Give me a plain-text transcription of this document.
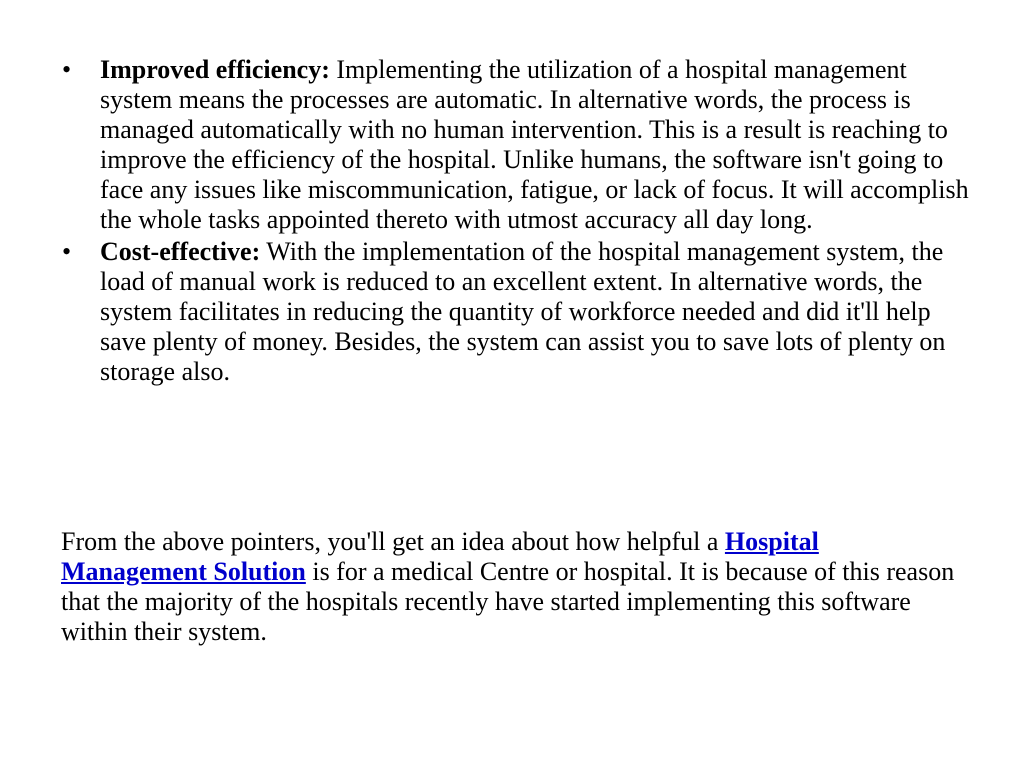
• Improved efficiency: Implementing the utilization of a hospital management system means the processes are automatic. In alternative words, the process is managed automatically with no human intervention. This is a result is reaching to improve the efficiency of the hospital. Unlike humans, the software isn't going to face any issues like miscommunication, fatigue, or lack of focus. It will accomplish the whole tasks appointed thereto with utmost accuracy all day long.
• Cost-effective: With the implementation of the hospital management system, the load of manual work is reduced to an excellent extent. In alternative words, the system facilitates in reducing the quantity of workforce needed and did it'll help save plenty of money. Besides, the system can assist you to save lots of plenty on storage also.

From the above pointers, you'll get an idea about how helpful a Hospital Management Solution is for a medical Centre or hospital. It is because of this reason that the majority of the hospitals recently have started implementing this software within their system.
